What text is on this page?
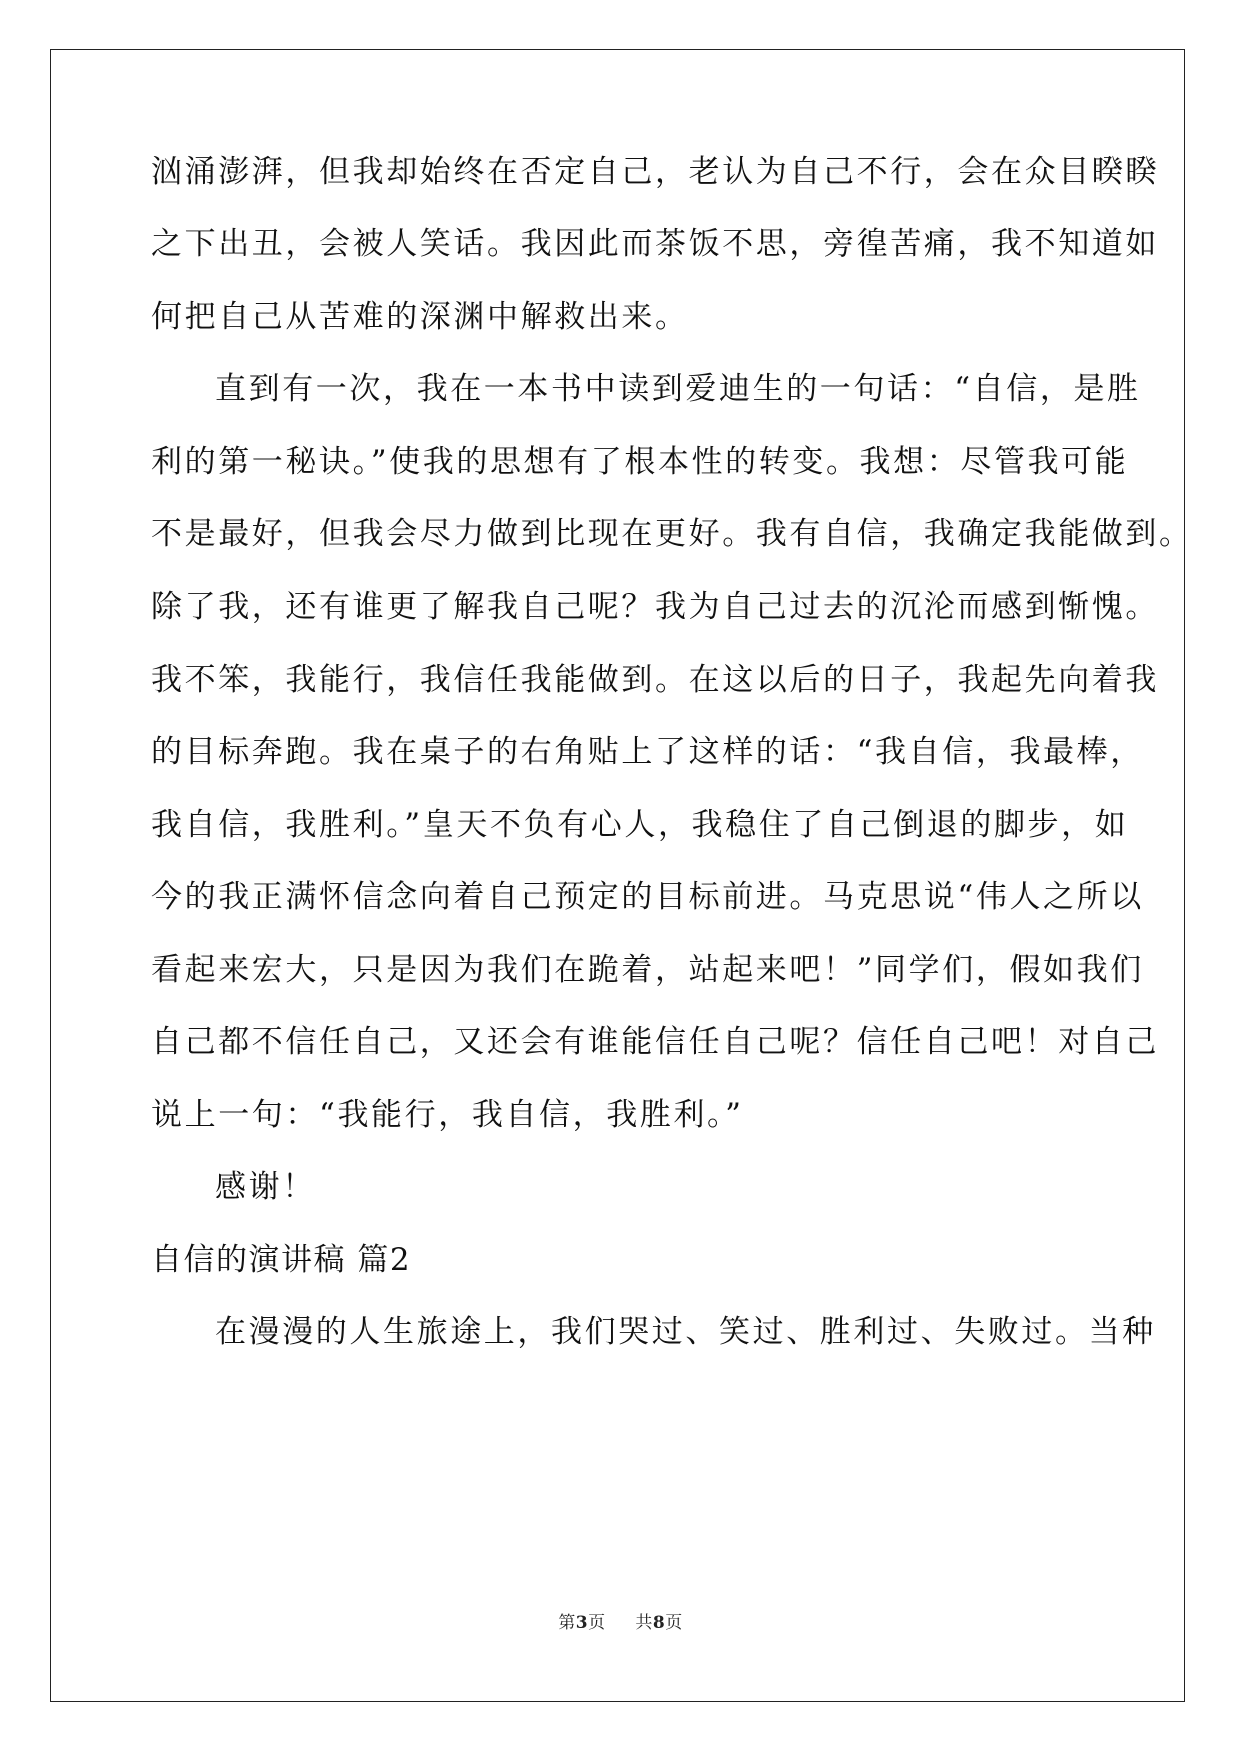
汹涌澎湃，但我却始终在否定自己，老认为自己不行，会在众目睽睽
之下出丑，会被人笑话。我因此而茶饭不思，旁徨苦痛，我不知道如
何把自己从苦难的深渊中解救出来。
直到有一次，我在一本书中读到爱迪生的一句话：“自信，是胜
利的第一秘诀。”使我的思想有了根本性的转变。我想：尽管我可能
不是最好，但我会尽力做到比现在更好。我有自信，我确定我能做到。
除了我，还有谁更了解我自己呢？我为自己过去的沉沦而感到惭愧。
我不笨，我能行，我信任我能做到。在这以后的日子，我起先向着我
的目标奔跑。我在桌子的右角贴上了这样的话：“我自信，我最棒，
我自信，我胜利。”皇天不负有心人，我稳住了自己倒退的脚步，如
今的我正满怀信念向着自己预定的目标前进。马克思说“伟人之所以
看起来宏大，只是因为我们在跪着，站起来吧！”同学们，假如我们
自己都不信任自己，又还会有谁能信任自己呢？信任自己吧！对自己
说上一句：“我能行，我自信，我胜利。”
感谢！
自信的演讲稿 篇2
在漫漫的人生旅途上，我们哭过、笑过、胜利过、失败过。当种
第3页 共8页
